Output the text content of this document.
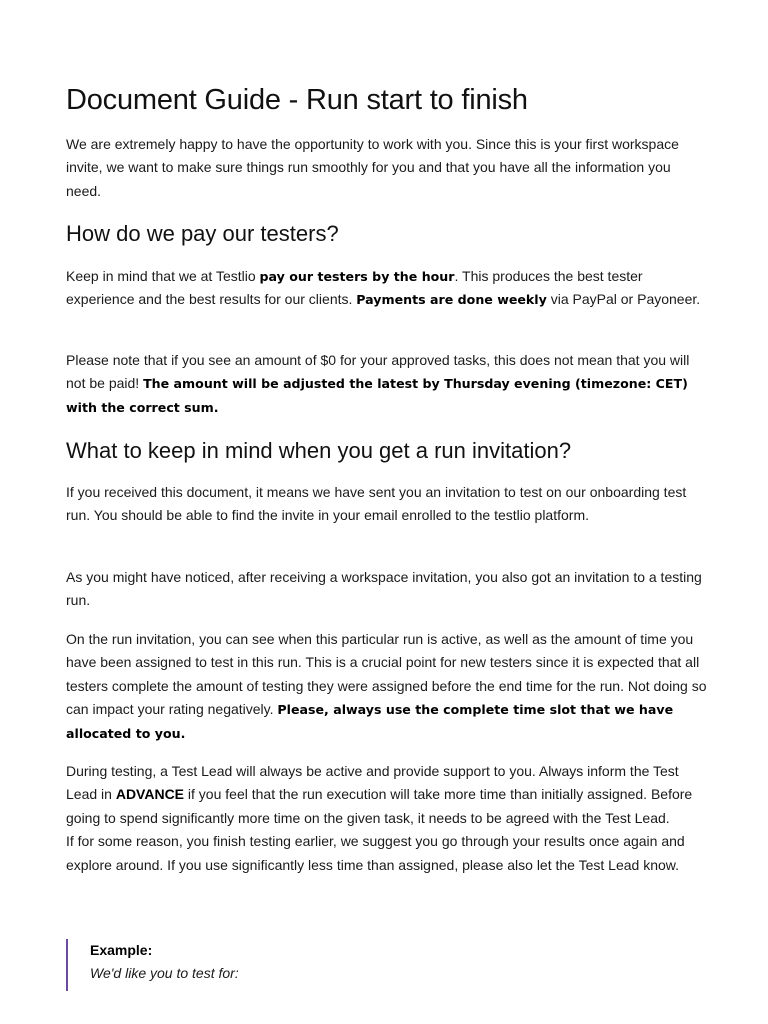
Document Guide - Run start to finish

We are extremely happy to have the opportunity to work with you. Since this is your first workspace invite, we want to make sure things run smoothly for you and that you have all the information you need.

How do we pay our testers?

Keep in mind that we at Testlio pay our testers by the hour. This produces the best tester experience and the best results for our clients. Payments are done weekly via PayPal or Payoneer.

Please note that if you see an amount of $0 for your approved tasks, this does not mean that you will not be paid! The amount will be adjusted the latest by Thursday evening (timezone: CET) with the correct sum.

What to keep in mind when you get a run invitation?

If you received this document, it means we have sent you an invitation to test on our onboarding test run. You should be able to find the invite in your email enrolled to the testlio platform.

As you might have noticed, after receiving a workspace invitation, you also got an invitation to a testing run.

On the run invitation, you can see when this particular run is active, as well as the amount of time you have been assigned to test in this run. This is a crucial point for new testers since it is expected that all testers complete the amount of testing they were assigned before the end time for the run. Not doing so can impact your rating negatively. Please, always use the complete time slot that we have allocated to you.

During testing, a Test Lead will always be active and provide support to you. Always inform the Test Lead in ADVANCE if you feel that the run execution will take more time than initially assigned. Before going to spend significantly more time on the given task, it needs to be agreed with the Test Lead.
If for some reason, you finish testing earlier, we suggest you go through your results once again and explore around. If you use significantly less time than assigned, please also let the Test Lead know.

Example:
We'd like you to test for:
